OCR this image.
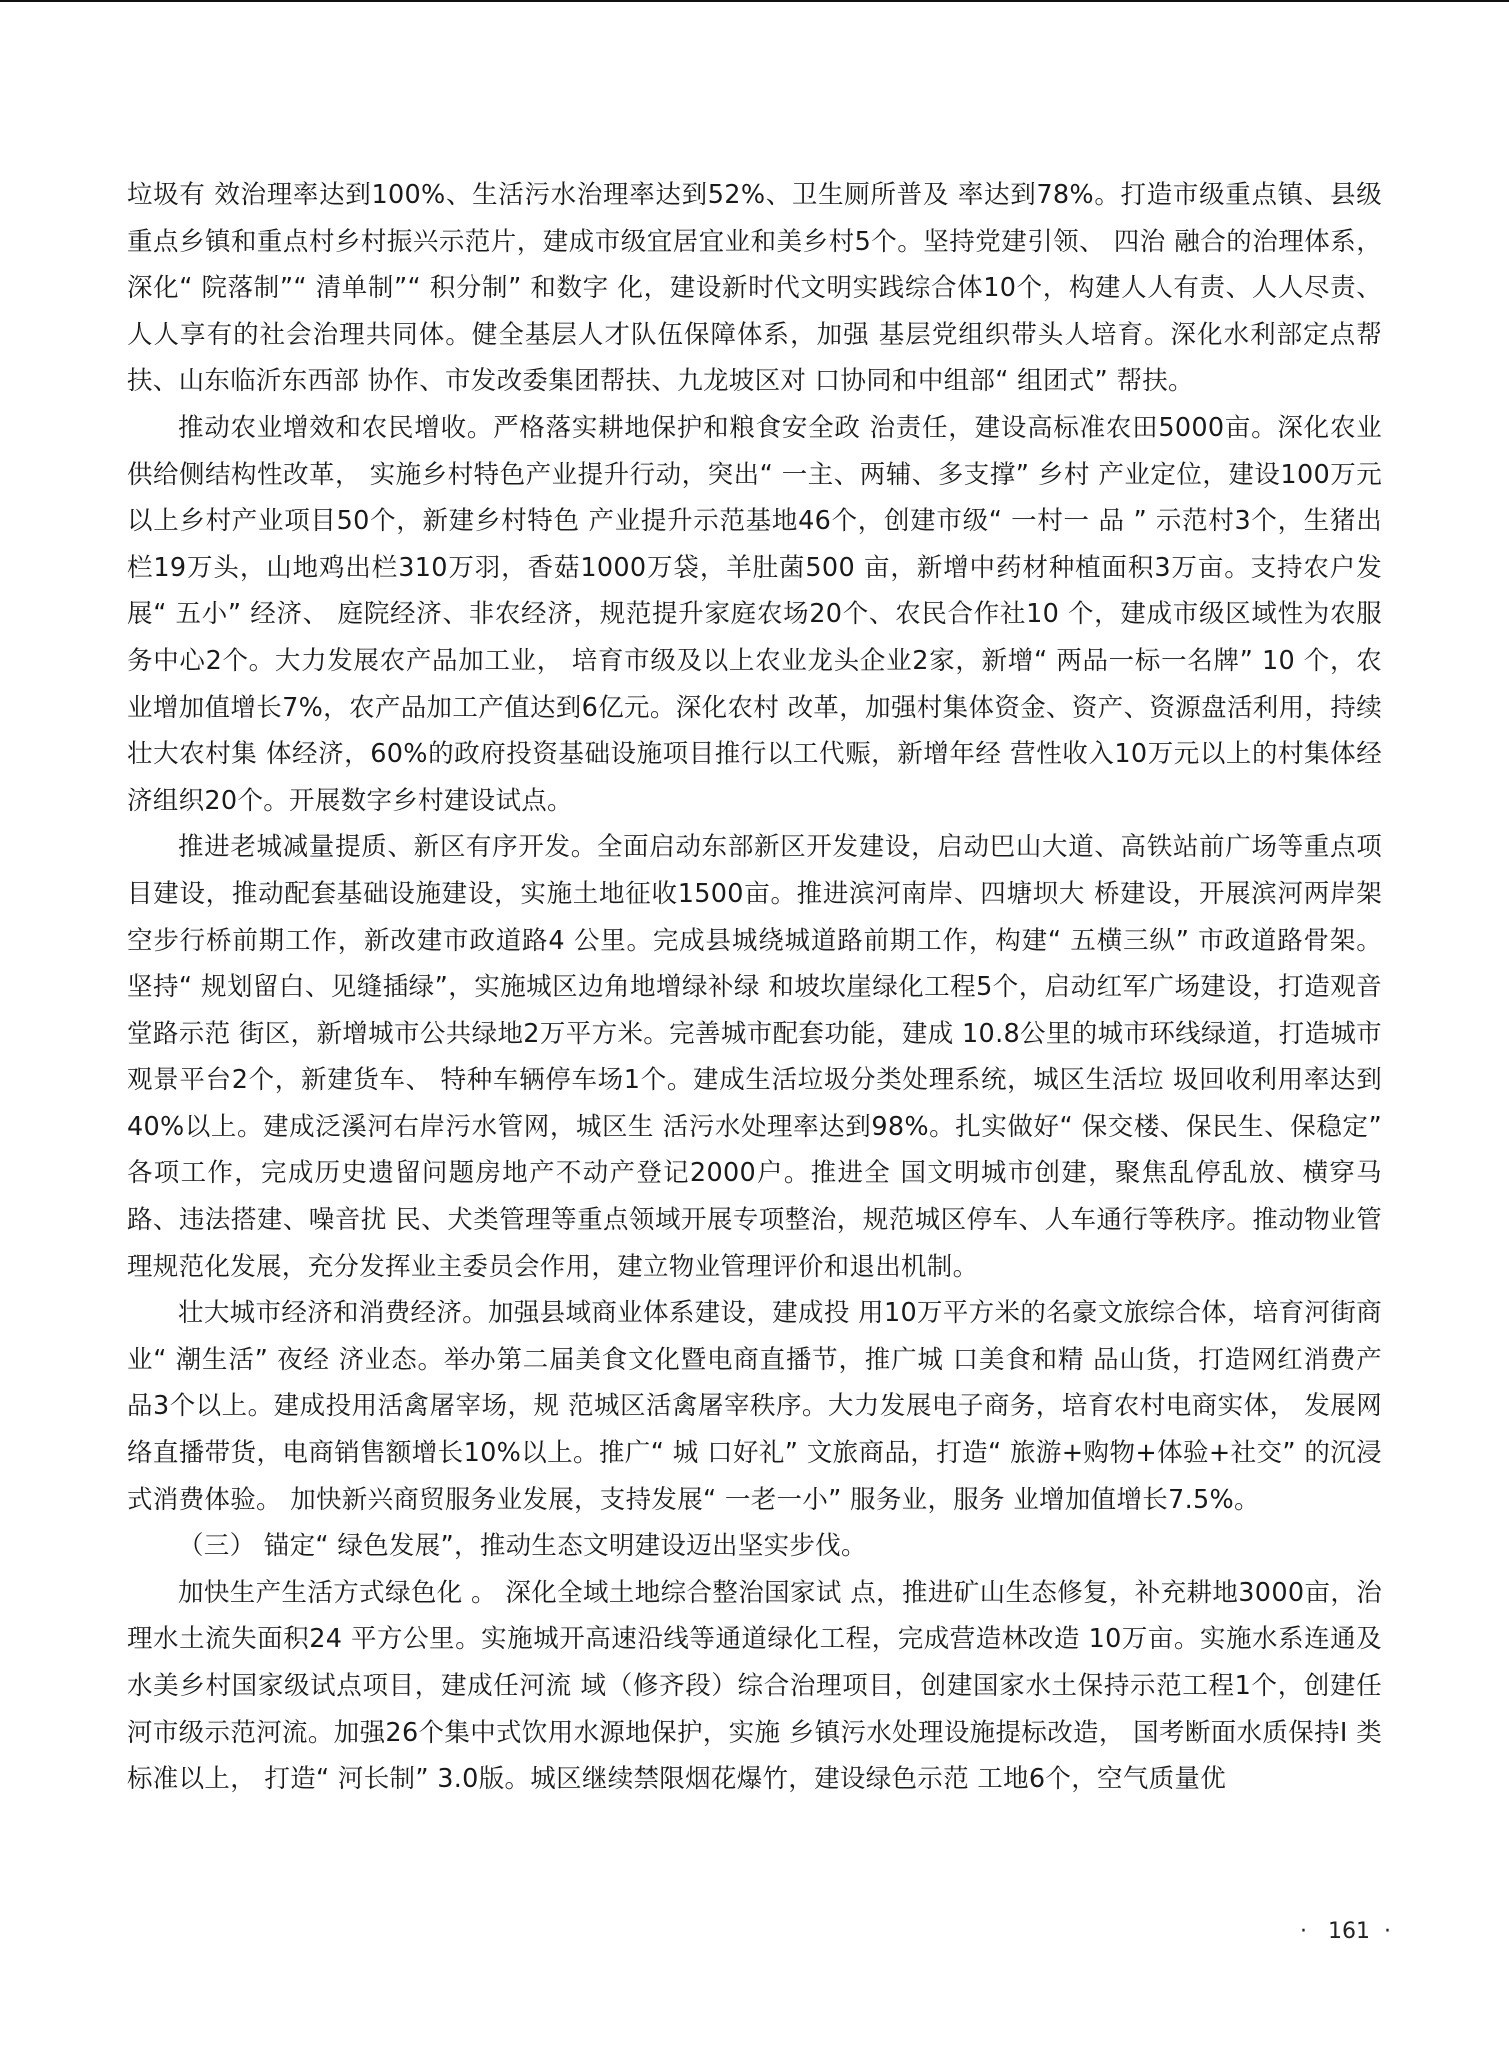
垃圾有 效治理率达到100%、生活污水治理率达到52%、卫生厕所普及 率达到78%。打造市级重点镇、县级重点乡镇和重点村乡村振兴示范片，建成市级宜居宜业和美乡村5个。坚持党建引领、 四治 融合的治理体系，深化“ 院落制”“ 清单制”“ 积分制” 和数字 化，建设新时代文明实践综合体10个，构建人人有责、人人尽责、 人人享有的社会治理共同体。健全基层人才队伍保障体系，加强 基层党组织带头人培育。深化水利部定点帮扶、山东临沂东西部 协作、市发改委集团帮扶、九龙坡区对 口协同和中组部“ 组团式” 帮扶。

推动农业增效和农民增收。严格落实耕地保护和粮食安全政 治责任，建设高标准农田5000亩。深化农业供给侧结构性改革， 实施乡村特色产业提升行动，突出“ 一主、两辅、多支撑” 乡村 产业定位，建设100万元以上乡村产业项目50个，新建乡村特色 产业提升示范基地46个，创建市级“ 一村一 品 ” 示范村3个，生猪出栏19万头，山地鸡出栏310万羽，香菇1000万袋，羊肚菌500 亩，新增中药材种植面积3万亩。支持农户发展“ 五小” 经济、 庭院经济、非农经济，规范提升家庭农场20个、农民合作社10 个，建成市级区域性为农服务中心2个。大力发展农产品加工业， 培育市级及以上农业龙头企业2家，新增“ 两品一标一名牌” 10 个，农业增加值增长7%，农产品加工产值达到6亿元。深化农村 改革，加强村集体资金、资产、资源盘活利用，持续壮大农村集 体经济，60%的政府投资基础设施项目推行以工代赈，新增年经 营性收入10万元以上的村集体经济组织20个。开展数字乡村建设试点。

推进老城减量提质、新区有序开发。全面启动东部新区开发建设，启动巴山大道、高铁站前广场等重点项目建设，推动配套基础设施建设，实施土地征收1500亩。推进滨河南岸、四塘坝大 桥建设，开展滨河两岸架空步行桥前期工作，新改建市政道路4 公里。完成县城绕城道路前期工作，构建“ 五横三纵” 市政道路骨架。坚持“ 规划留白、见缝插绿”，实施城区边角地增绿补绿 和坡坎崖绿化工程5个，启动红军广场建设，打造观音堂路示范 街区，新增城市公共绿地2万平方米。完善城市配套功能，建成 10.8公里的城市环线绿道，打造城市观景平台2个，新建货车、 特种车辆停车场1个。建成生活垃圾分类处理系统，城区生活垃 圾回收利用率达到40%以上。建成泛溪河右岸污水管网，城区生 活污水处理率达到98%。扎实做好“ 保交楼、保民生、保稳定” 各项工作，完成历史遗留问题房地产不动产登记2000户。推进全 国文明城市创建，聚焦乱停乱放、横穿马路、违法搭建、噪音扰 民、犬类管理等重点领域开展专项整治，规范城区停车、人车通行等秩序。推动物业管理规范化发展，充分发挥业主委员会作用，建立物业管理评价和退出机制。

壮大城市经济和消费经济。加强县域商业体系建设，建成投 用10万平方米的名豪文旅综合体，培育河街商业“ 潮生活” 夜经 济业态。举办第二届美食文化暨电商直播节，推广城 口美食和精 品山货，打造网红消费产品3个以上。建成投用活禽屠宰场，规 范城区活禽屠宰秩序。大力发展电子商务，培育农村电商实体， 发展网络直播带货，电商销售额增长10%以上。推广“ 城 口好礼” 文旅商品，打造“ 旅游+购物+体验+社交” 的沉浸式消费体验。 加快新兴商贸服务业发展，支持发展“ 一老一小” 服务业，服务 业增加值增长7.5%。

（三） 锚定“ 绿色发展”，推动生态文明建设迈出坚实步伐。

加快生产生活方式绿色化 。 深化全域土地综合整治国家试 点，推进矿山生态修复，补充耕地3000亩，治理水土流失面积24 平方公里。实施城开高速沿线等通道绿化工程，完成营造林改造 10万亩。实施水系连通及水美乡村国家级试点项目，建成任河流 域（修齐段）综合治理项目，创建国家水土保持示范工程1个，创建任河市级示范河流。加强26个集中式饮用水源地保护，实施 乡镇污水处理设施提标改造， 国考断面水质保持I 类标准以上， 打造“ 河长制” 3.0版。城区继续禁限烟花爆竹，建设绿色示范 工地6个，空气质量优

·   161  ·
